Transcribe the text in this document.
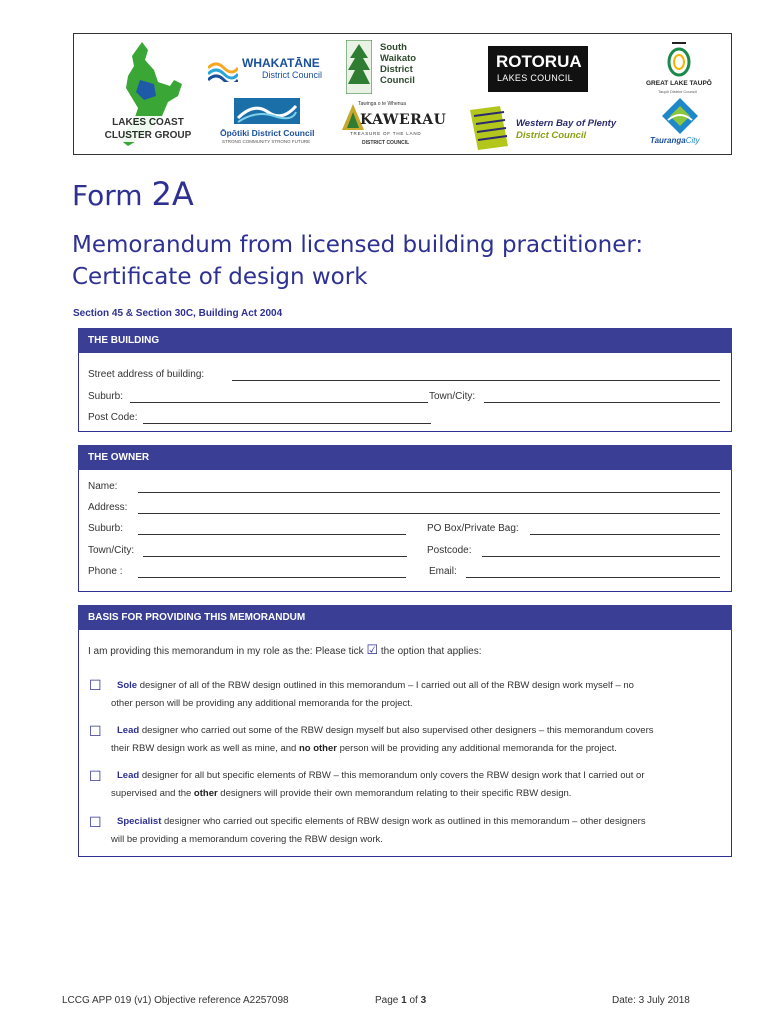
LAKES COAST
CLUSTER GROUP
WHAKATĀNE
District Council
Ōpōtiki District Council
STRONG COMMUNITY STRONG FUTURE
South
Waikato
District
Council
Tawinga o te Whenua
KAWERAU
TREASURE OF THE LAND
DISTRICT COUNCIL
ROTORUA
LAKES COUNCIL
Western Bay of Plenty
District Council
GREAT LAKE TAUPŌ
Taupō District Council
TaurangaCity
Form 2A
Memorandum from licensed building practitioner:
Certificate of design work
Section 45 & Section 30C, Building Act 2004
THE BUILDING
Street address of building:
Suburb:	Town/City:
Post Code:
THE OWNER
Name:
Address:
Suburb:	PO Box/Private Bag:
Town/City:	Postcode:
Phone :	Email:
BASIS FOR PROVIDING THIS MEMORANDUM
I am providing this memorandum in my role as the: Please tick ☑ the option that applies:
☐	Sole designer of all of the RBW design outlined in this memorandum – I carried out all of the RBW design work myself – no
other person will be providing any additional memoranda for the project.
☐	Lead designer who carried out some of the RBW design myself but also supervised other designers – this memorandum covers
their RBW design work as well as mine, and no other person will be providing any additional memoranda for the project.
☐	Lead designer for all but specific elements of RBW – this memorandum only covers the RBW design work that I carried out or
supervised and the other designers will provide their own memorandum relating to their specific RBW design.
☐	Specialist designer who carried out specific elements of RBW design work as outlined in this memorandum – other designers
will be providing a memorandum covering the RBW design work.
LCCG APP 019 (v1) Objective reference A2257098	Page 1 of 3	Date: 3 July 2018
